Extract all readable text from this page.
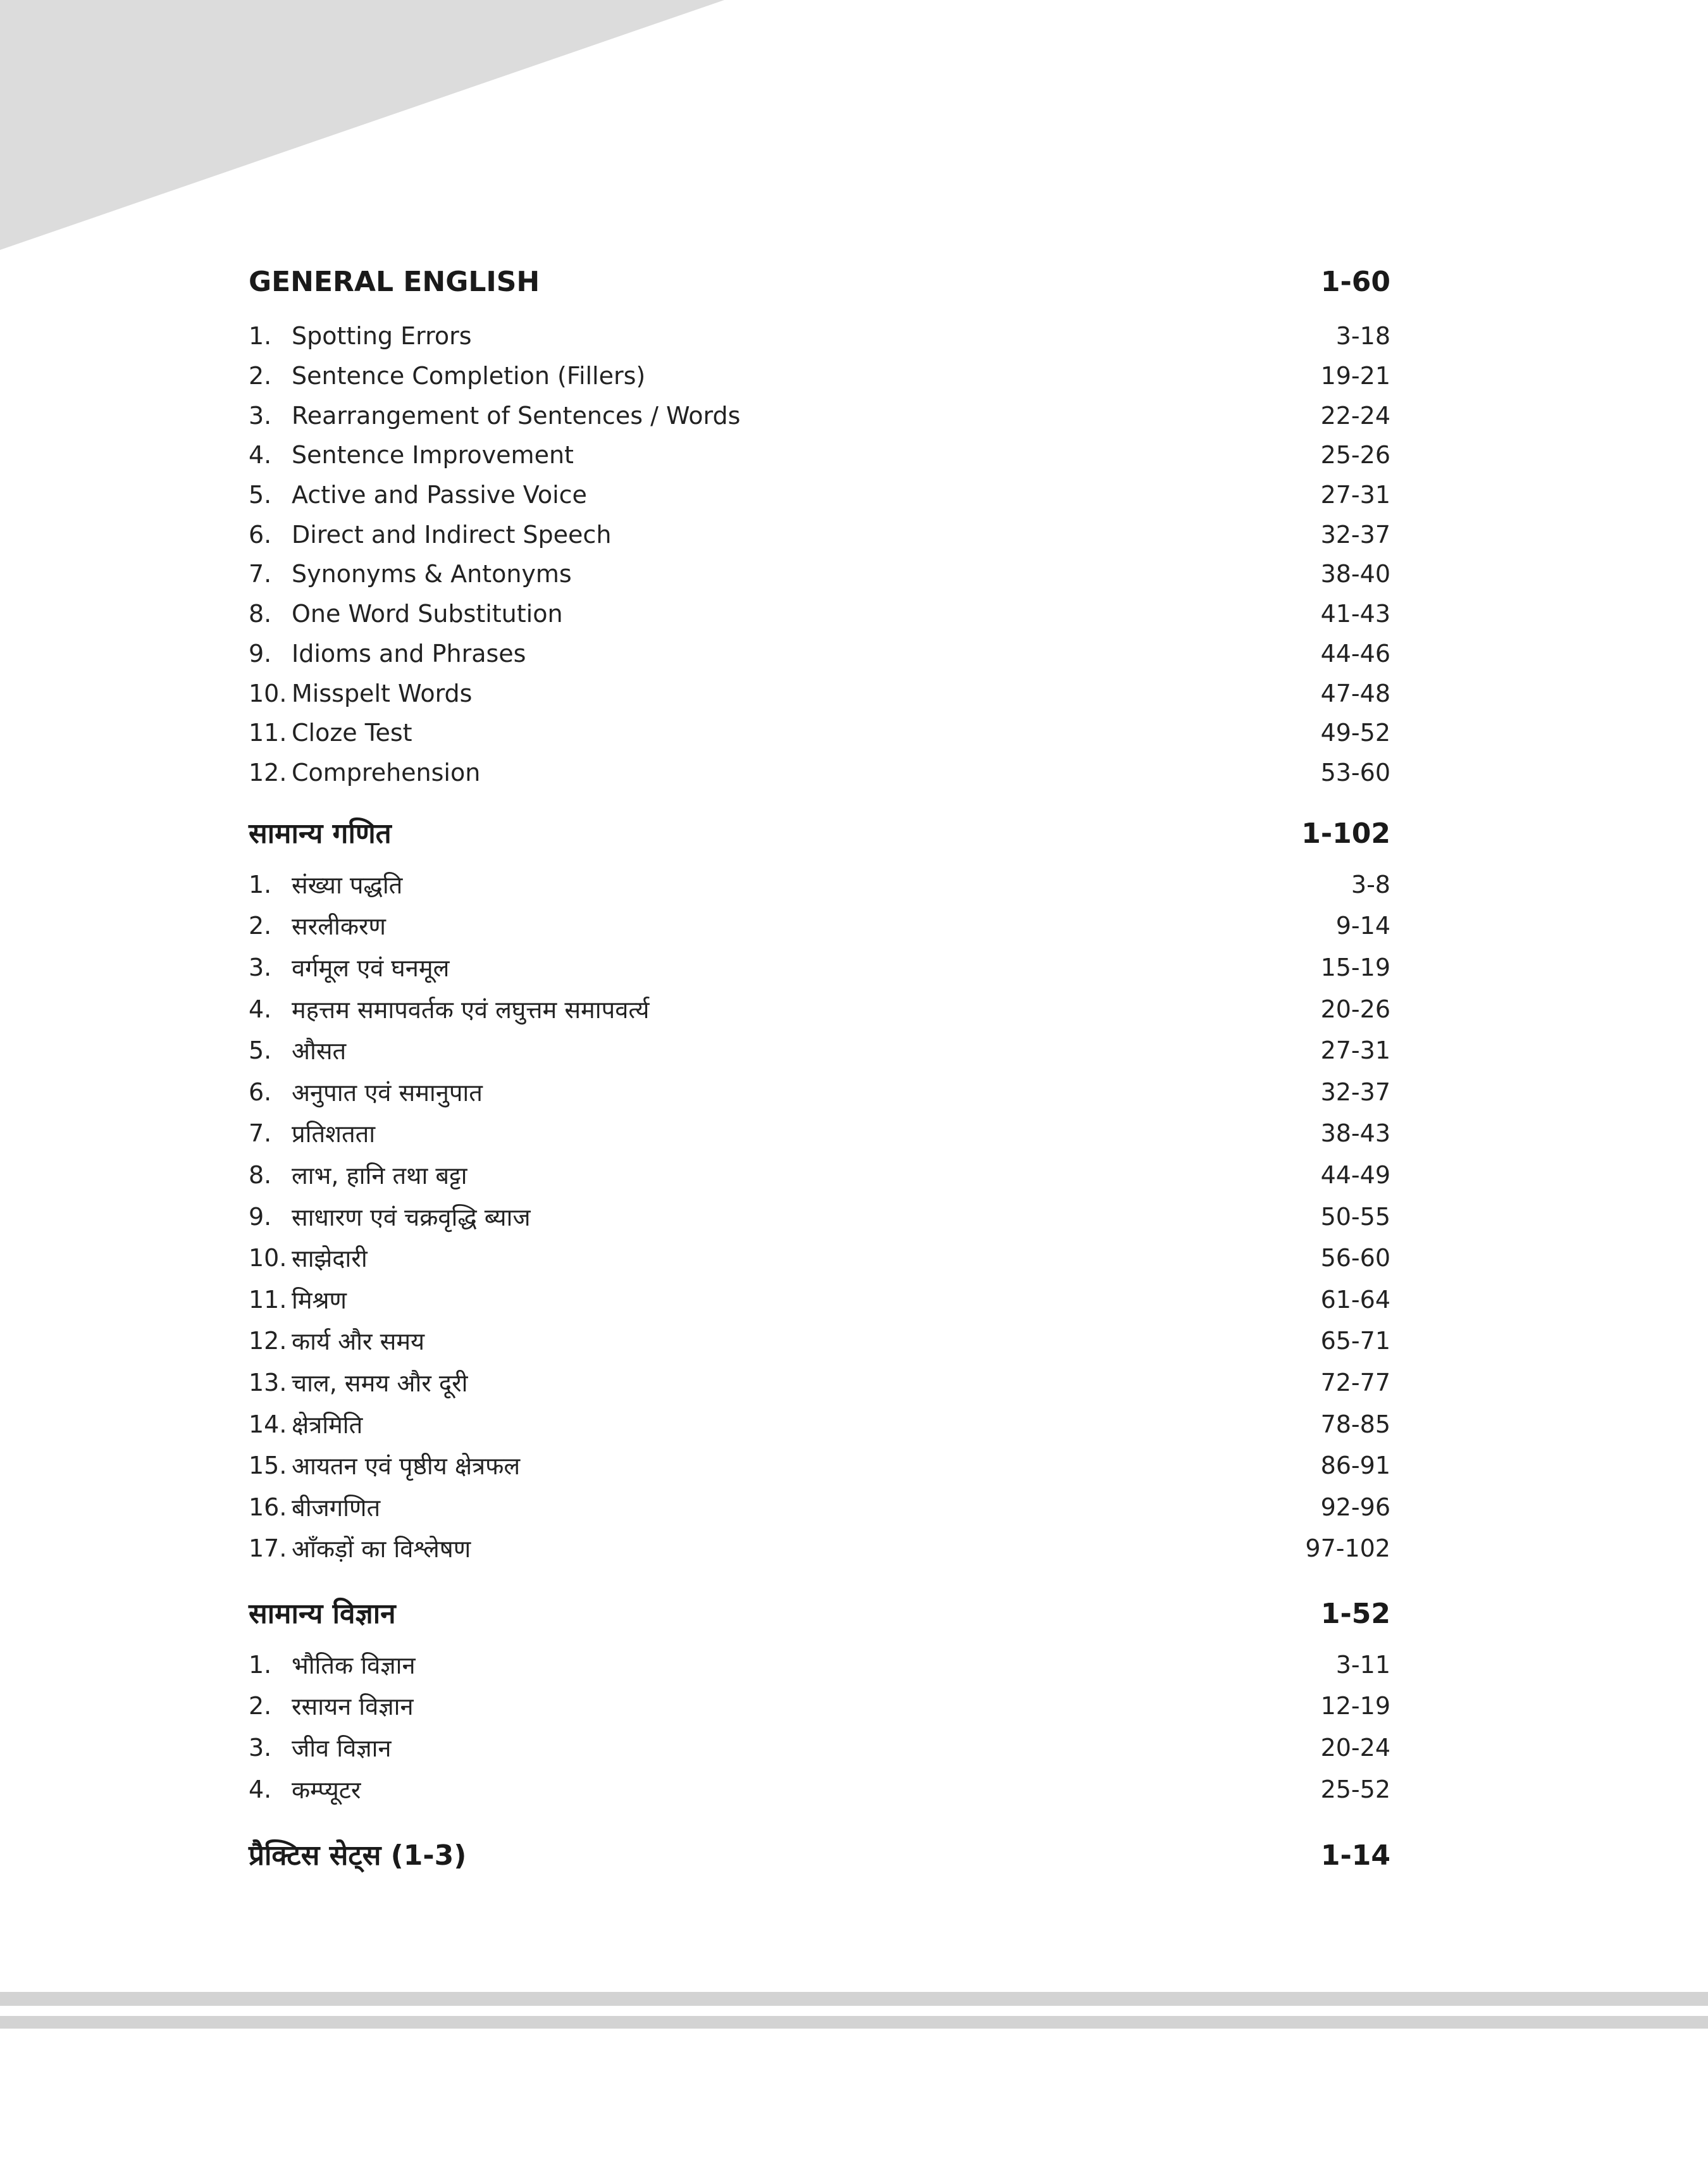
GENERAL ENGLISH	1-60
1. Spotting Errors	3-18
2. Sentence Completion (Fillers)	19-21
3. Rearrangement of Sentences / Words	22-24
4. Sentence Improvement	25-26
5. Active and Passive Voice	27-31
6. Direct and Indirect Speech	32-37
7. Synonyms & Antonyms	38-40
8. One Word Substitution	41-43
9. Idioms and Phrases	44-46
10. Misspelt Words	47-48
11. Cloze Test	49-52
12. Comprehension	53-60
सामान्य गणित	1-102
1. संख्या पद्धति	3-8
2. सरलीकरण	9-14
3. वर्गमूल एवं घनमूल	15-19
4. महत्तम समापवर्तक एवं लघुत्तम समापवर्त्य	20-26
5. औसत	27-31
6. अनुपात एवं समानुपात	32-37
7. प्रतिशतता	38-43
8. लाभ, हानि तथा बट्टा	44-49
9. साधारण एवं चक्रवृद्धि ब्याज	50-55
10. साझेदारी	56-60
11. मिश्रण	61-64
12. कार्य और समय	65-71
13. चाल, समय और दूरी	72-77
14. क्षेत्रमिति	78-85
15. आयतन एवं पृष्ठीय क्षेत्रफल	86-91
16. बीजगणित	92-96
17. आँकड़ों का विश्लेषण	97-102
सामान्य विज्ञान	1-52
1. भौतिक विज्ञान	3-11
2. रसायन विज्ञान	12-19
3. जीव विज्ञान	20-24
4. कम्प्यूटर	25-52
प्रैक्टिस सेट्स (1-3)	1-14
